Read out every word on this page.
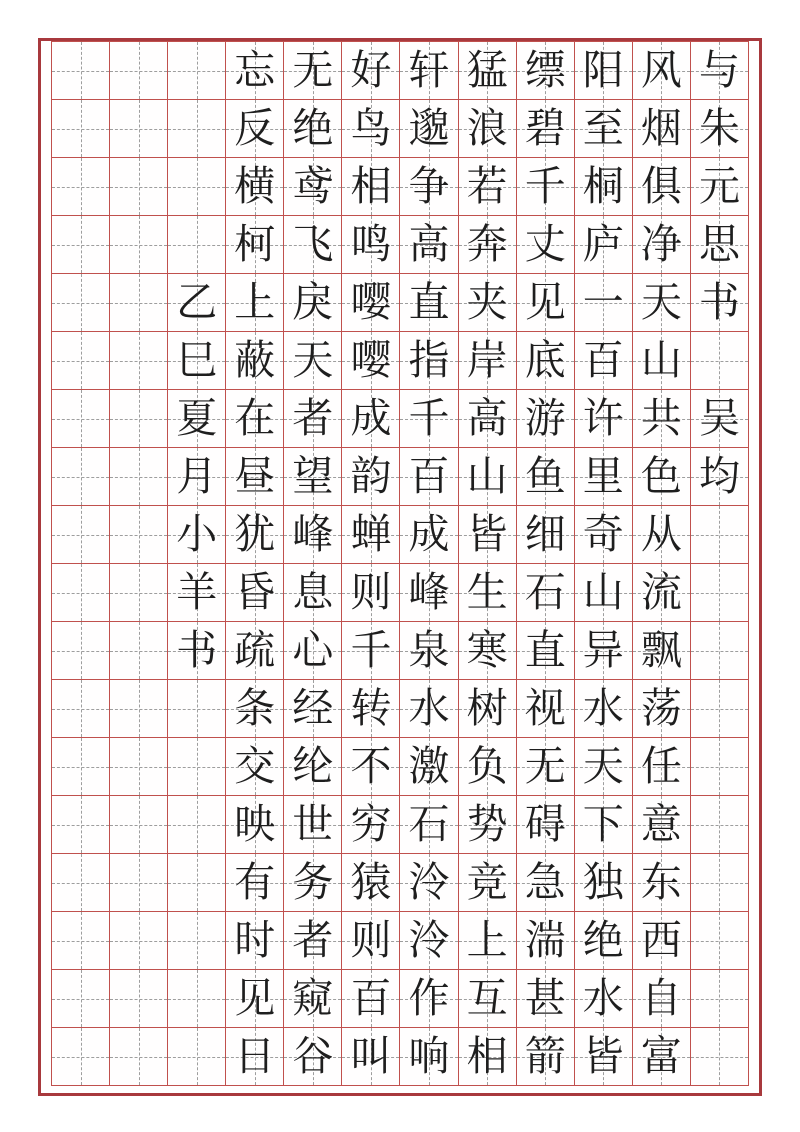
忘 无 好 轩 猛 缥 阳 风 与
反 绝 鸟 邈 浪 碧 至 烟 朱
横 鸢 相 争 若 千 桐 俱 元
柯 飞 鸣 高 奔 丈 庐 净 思
乙 上 戾 嘤 直 夹 见 一 天 书
巳 蔽 天 嘤 指 岸 底 百 山
夏 在 者 成 千 高 游 许 共 吴
月 昼 望 韵 百 山 鱼 里 色 均
小 犹 峰 蝉 成 皆 细 奇 从
羊 昏 息 则 峰 生 石 山 流
书 疏 心 千 泉 寒 直 异 飘
条 经 转 水 树 视 水 荡
交 纶 不 激 负 无 天 任
映 世 穷 石 势 碍 下 意
有 务 猿 泠 竞 急 独 东
时 者 则 泠 上 湍 绝 西
见 窥 百 作 互 甚 水 自
日 谷 叫 响 相 箭 皆 富
